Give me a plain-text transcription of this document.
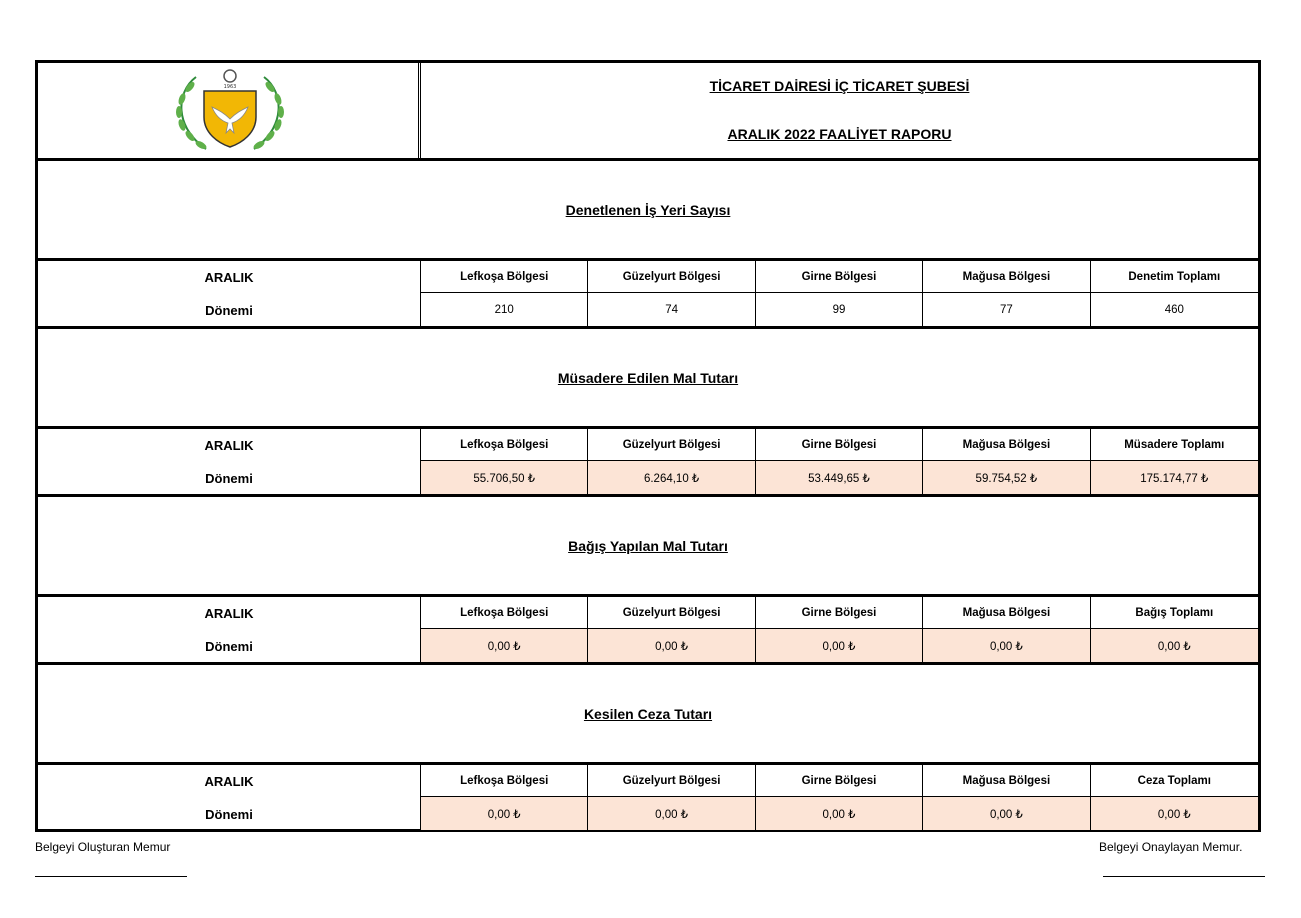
1963	TİCARET DAİRESİ İÇ TİCARET ŞUBESİ
ARALIK 2022 FAALİYET RAPORU
Denetlenen İş Yeri Sayısı
ARALIK
Dönemi
Lefkoşa Bölgesi	Güzelyurt Bölgesi	Girne Bölgesi	Mağusa Bölgesi	Denetim Toplamı
210	74	99	77	460
Müsadere Edilen Mal Tutarı
ARALIK
Dönemi
Lefkoşa Bölgesi	Güzelyurt Bölgesi	Girne Bölgesi	Mağusa Bölgesi	Müsadere Toplamı
55.706,50 ₺	6.264,10 ₺	53.449,65 ₺	59.754,52 ₺	175.174,77 ₺
Bağış Yapılan Mal Tutarı
ARALIK
Dönemi
Lefkoşa Bölgesi	Güzelyurt Bölgesi	Girne Bölgesi	Mağusa Bölgesi	Bağış Toplamı
0,00 ₺	0,00 ₺	0,00 ₺	0,00 ₺	0,00 ₺
Kesilen Ceza Tutarı
ARALIK
Dönemi
Lefkoşa Bölgesi	Güzelyurt Bölgesi	Girne Bölgesi	Mağusa Bölgesi	Ceza Toplamı
0,00 ₺	0,00 ₺	0,00 ₺	0,00 ₺	0,00 ₺
Belgeyi Oluşturan Memur	Belgeyi Onaylayan Memur.
